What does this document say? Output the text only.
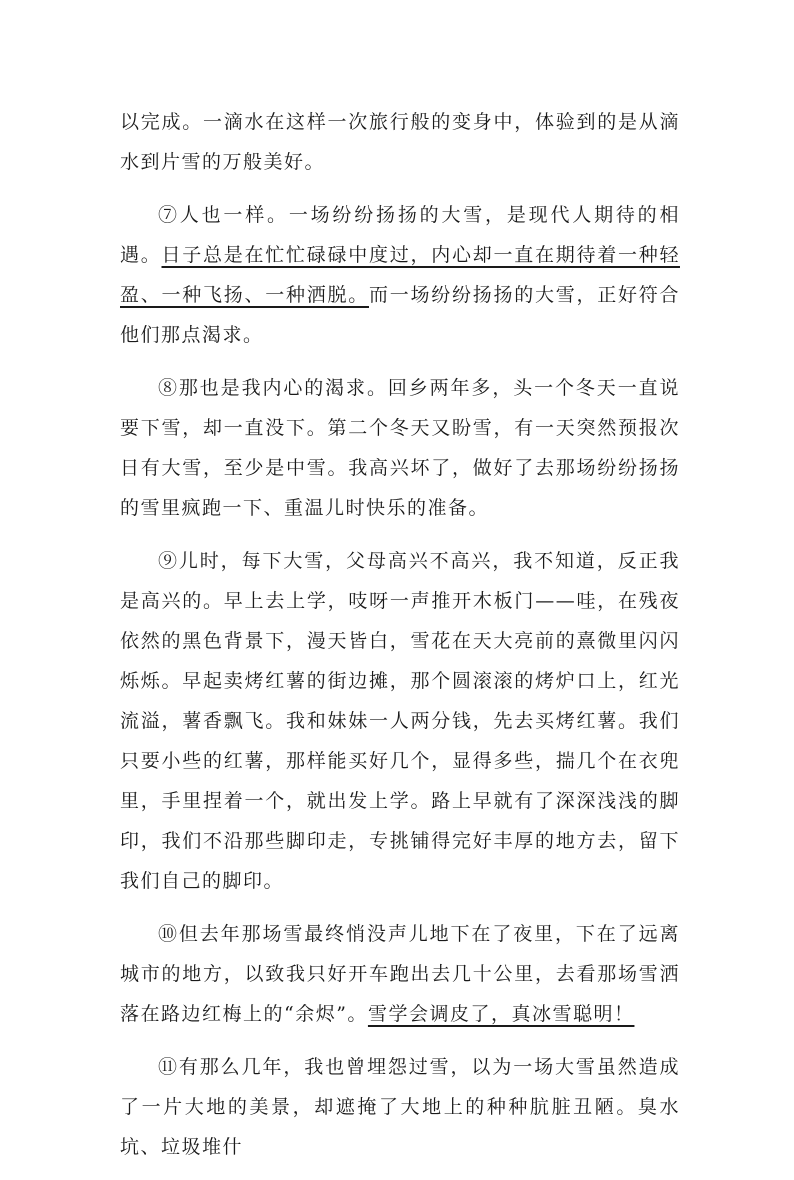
以完成。一滴水在这样一次旅行般的变身中，体验到的是从滴水到片雪的万般美好。

⑦人也一样。一场纷纷扬扬的大雪，是现代人期待的相遇。日子总是在忙忙碌碌中度过，内心却一直在期待着一种轻盈、一种飞扬、一种洒脱。而一场纷纷扬扬的大雪，正好符合他们那点渴求。

⑧那也是我内心的渴求。回乡两年多，头一个冬天一直说要下雪，却一直没下。第二个冬天又盼雪，有一天突然预报次日有大雪，至少是中雪。我高兴坏了，做好了去那场纷纷扬扬的雪里疯跑一下、重温儿时快乐的准备。

⑨儿时，每下大雪，父母高兴不高兴，我不知道，反正我是高兴的。早上去上学，吱呀一声推开木板门——哇，在残夜依然的黑色背景下，漫天皆白，雪花在天大亮前的熹微里闪闪烁烁。早起卖烤红薯的街边摊，那个圆滚滚的烤炉口上，红光流溢，薯香飘飞。我和妹妹一人两分钱，先去买烤红薯。我们只要小些的红薯，那样能买好几个，显得多些，揣几个在衣兜里，手里捏着一个，就出发上学。路上早就有了深深浅浅的脚印，我们不沿那些脚印走，专挑铺得完好丰厚的地方去，留下我们自己的脚印。

⑩但去年那场雪最终悄没声儿地下在了夜里，下在了远离城市的地方，以致我只好开车跑出去几十公里，去看那场雪洒落在路边红梅上的“余烬”。雪学会调皮了，真冰雪聪明！

⑪有那么几年，我也曾埋怨过雪，以为一场大雪虽然造成了一片大地的美景，却遮掩了大地上的种种肮脏丑陋。臭水坑、垃圾堆什
